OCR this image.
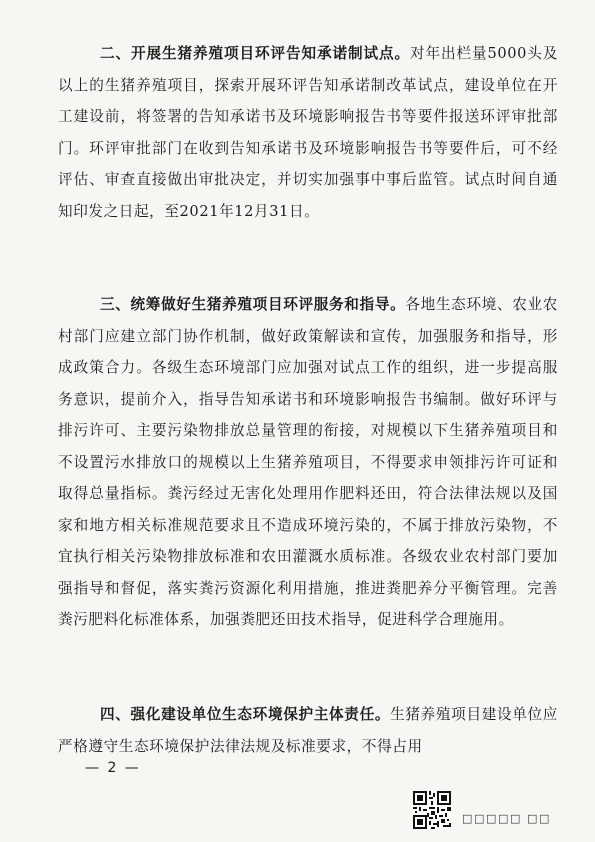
二、开展生猪养殖项目环评告知承诺制试点。对年出栏量5000头及以上的生猪养殖项目，探索开展环评告知承诺制改革试点，建设单位在开工建设前，将签署的告知承诺书及环境影响报告书等要件报送环评审批部门。环评审批部门在收到告知承诺书及环境影响报告书等要件后，可不经评估、审查直接做出审批决定，并切实加强事中事后监管。试点时间自通知印发之日起，至2021年12月31日。

三、统筹做好生猪养殖项目环评服务和指导。各地生态环境、农业农村部门应建立部门协作机制，做好政策解读和宣传，加强服务和指导，形成政策合力。各级生态环境部门应加强对试点工作的组织，进一步提高服务意识，提前介入，指导告知承诺书和环境影响报告书编制。做好环评与排污许可、主要污染物排放总量管理的衔接，对规模以下生猪养殖项目和不设置污水排放口的规模以上生猪养殖项目，不得要求申领排污许可证和取得总量指标。粪污经过无害化处理用作肥料还田，符合法律法规以及国家和地方相关标准规范要求且不造成环境污染的，不属于排放污染物，不宜执行相关污染物排放标准和农田灌溉水质标准。各级农业农村部门要加强指导和督促，落实粪污资源化利用措施，推进粪肥养分平衡管理。完善粪污肥料化标准体系，加强粪肥还田技术指导，促进科学合理施用。

四、强化建设单位生态环境保护主体责任。生猪养殖项目建设单位应严格遵守生态环境保护法律法规及标准要求，不得占用

— 2 —
□□□□□ □□
